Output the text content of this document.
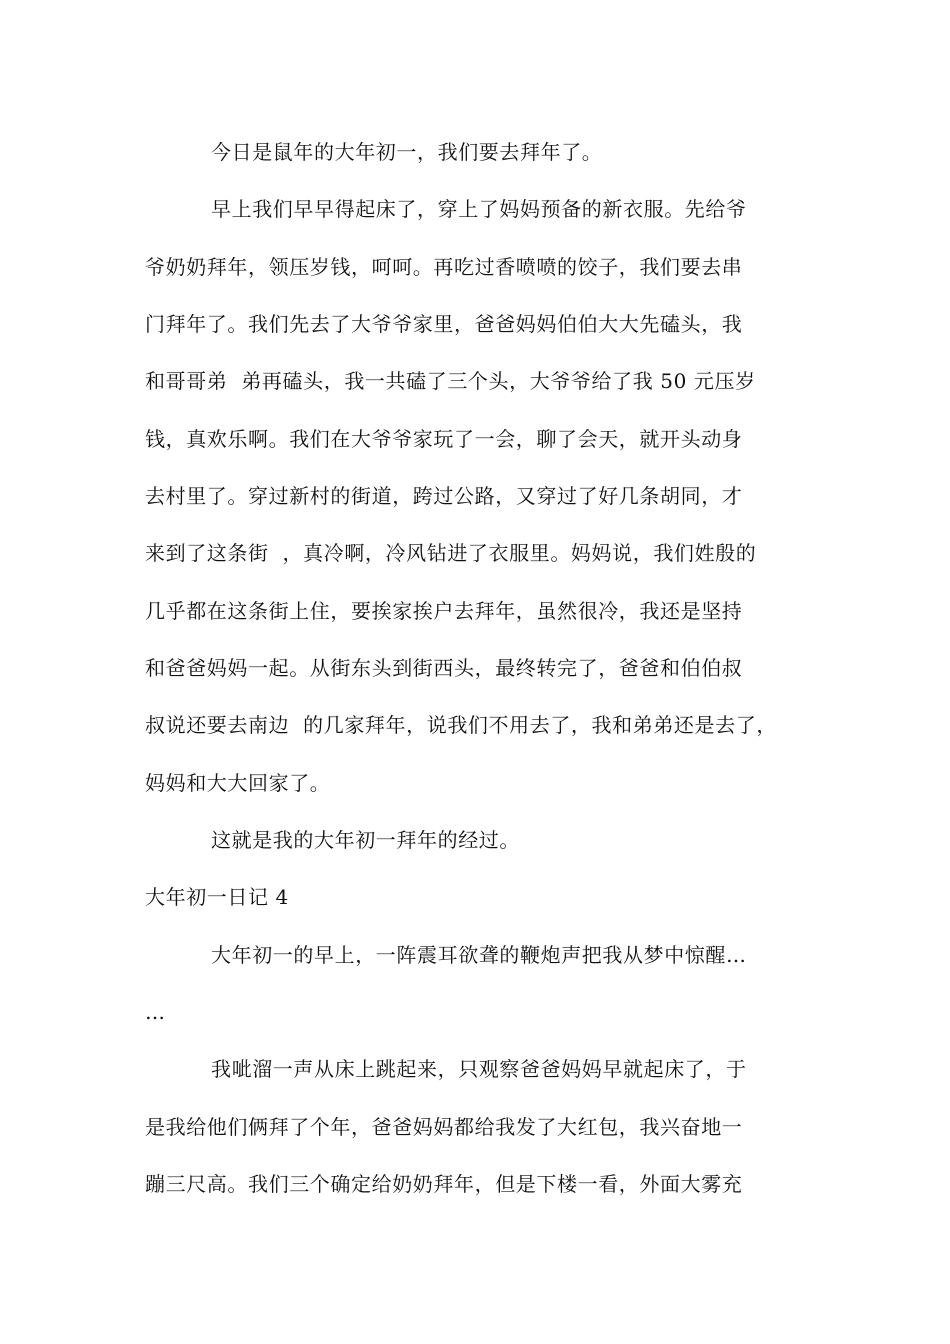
今日是鼠年的大年初一，我们要去拜年了。
早上我们早早得起床了，穿上了妈妈预备的新衣服。先给爷
爷奶奶拜年，领压岁钱，呵呵。再吃过香喷喷的饺子，我们要去串
门拜年了。我们先去了大爷爷家里，爸爸妈妈伯伯大大先磕头，我
和哥哥弟  弟再磕头，我一共磕了三个头，大爷爷给了我 50 元压岁
钱，真欢乐啊。我们在大爷爷家玩了一会，聊了会天，就开头动身
去村里了。穿过新村的街道，跨过公路，又穿过了好几条胡同，才
来到了这条街  ，真冷啊，冷风钻进了衣服里。妈妈说，我们姓殷的
几乎都在这条街上住，要挨家挨户去拜年，虽然很冷，我还是坚持
和爸爸妈妈一起。从街东头到街西头，最终转完了，爸爸和伯伯叔
叔说还要去南边  的几家拜年，说我们不用去了，我和弟弟还是去了，
妈妈和大大回家了。
这就是我的大年初一拜年的经过。
大年初一日记 4
大年初一的早上，一阵震耳欲聋的鞭炮声把我从梦中惊醒…
…
我呲溜一声从床上跳起来，只观察爸爸妈妈早就起床了，于
是我给他们俩拜了个年，爸爸妈妈都给我发了大红包，我兴奋地一
蹦三尺高。我们三个确定给奶奶拜年，但是下楼一看，外面大雾充
